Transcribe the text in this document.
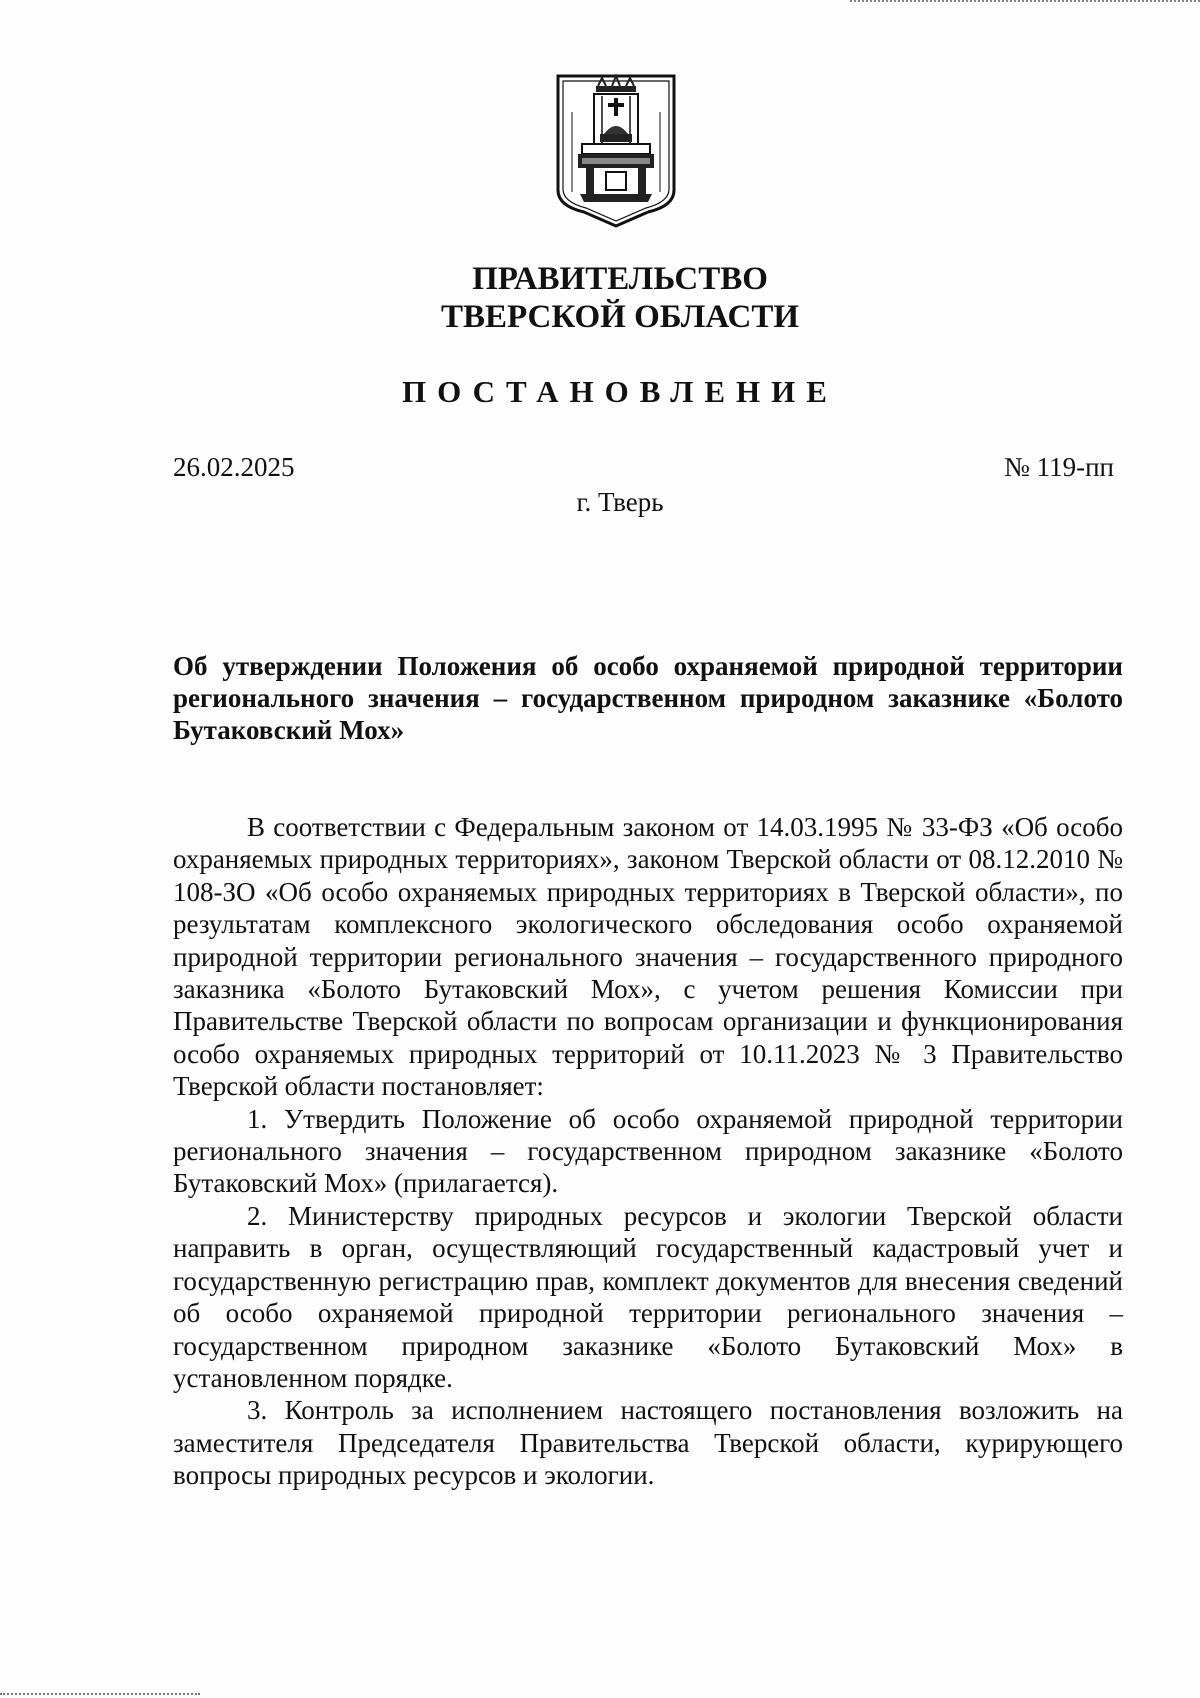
ПРАВИТЕЛЬСТВО
ТВЕРСКОЙ ОБЛАСТИ
ПОСТАНОВЛЕНИЕ
26.02.2025	№ 119-пп
г. Тверь
Об утверждении Положения об особо охраняемой природной территории регионального значения – государственном природном заказнике «Болото Бутаковский Мох»

В соответствии с Федеральным законом от 14.03.1995 № 33-ФЗ «Об особо охраняемых природных территориях», законом Тверской области от 08.12.2010 № 108-ЗО «Об особо охраняемых природных территориях в Тверской области», по результатам комплексного экологического обследования особо охраняемой природной территории регионального значения – государственного природного заказника «Болото Бутаковский Мох», с учетом решения Комиссии при Правительстве Тверской области по вопросам организации и функционирования особо охраняемых природных территорий от 10.11.2023 № 3 Правительство Тверской области постановляет:

1. Утвердить Положение об особо охраняемой природной территории регионального значения – государственном природном заказнике «Болото Бутаковский Мох» (прилагается).

2. Министерству природных ресурсов и экологии Тверской области направить в орган, осуществляющий государственный кадастровый учет и государственную регистрацию прав, комплект документов для внесения сведений об особо охраняемой природной территории регионального значения – государственном природном заказнике «Болото Бутаковский Мох» в установленном порядке.

3. Контроль за исполнением настоящего постановления возложить на заместителя Председателя Правительства Тверской области, курирующего вопросы природных ресурсов и экологии.
